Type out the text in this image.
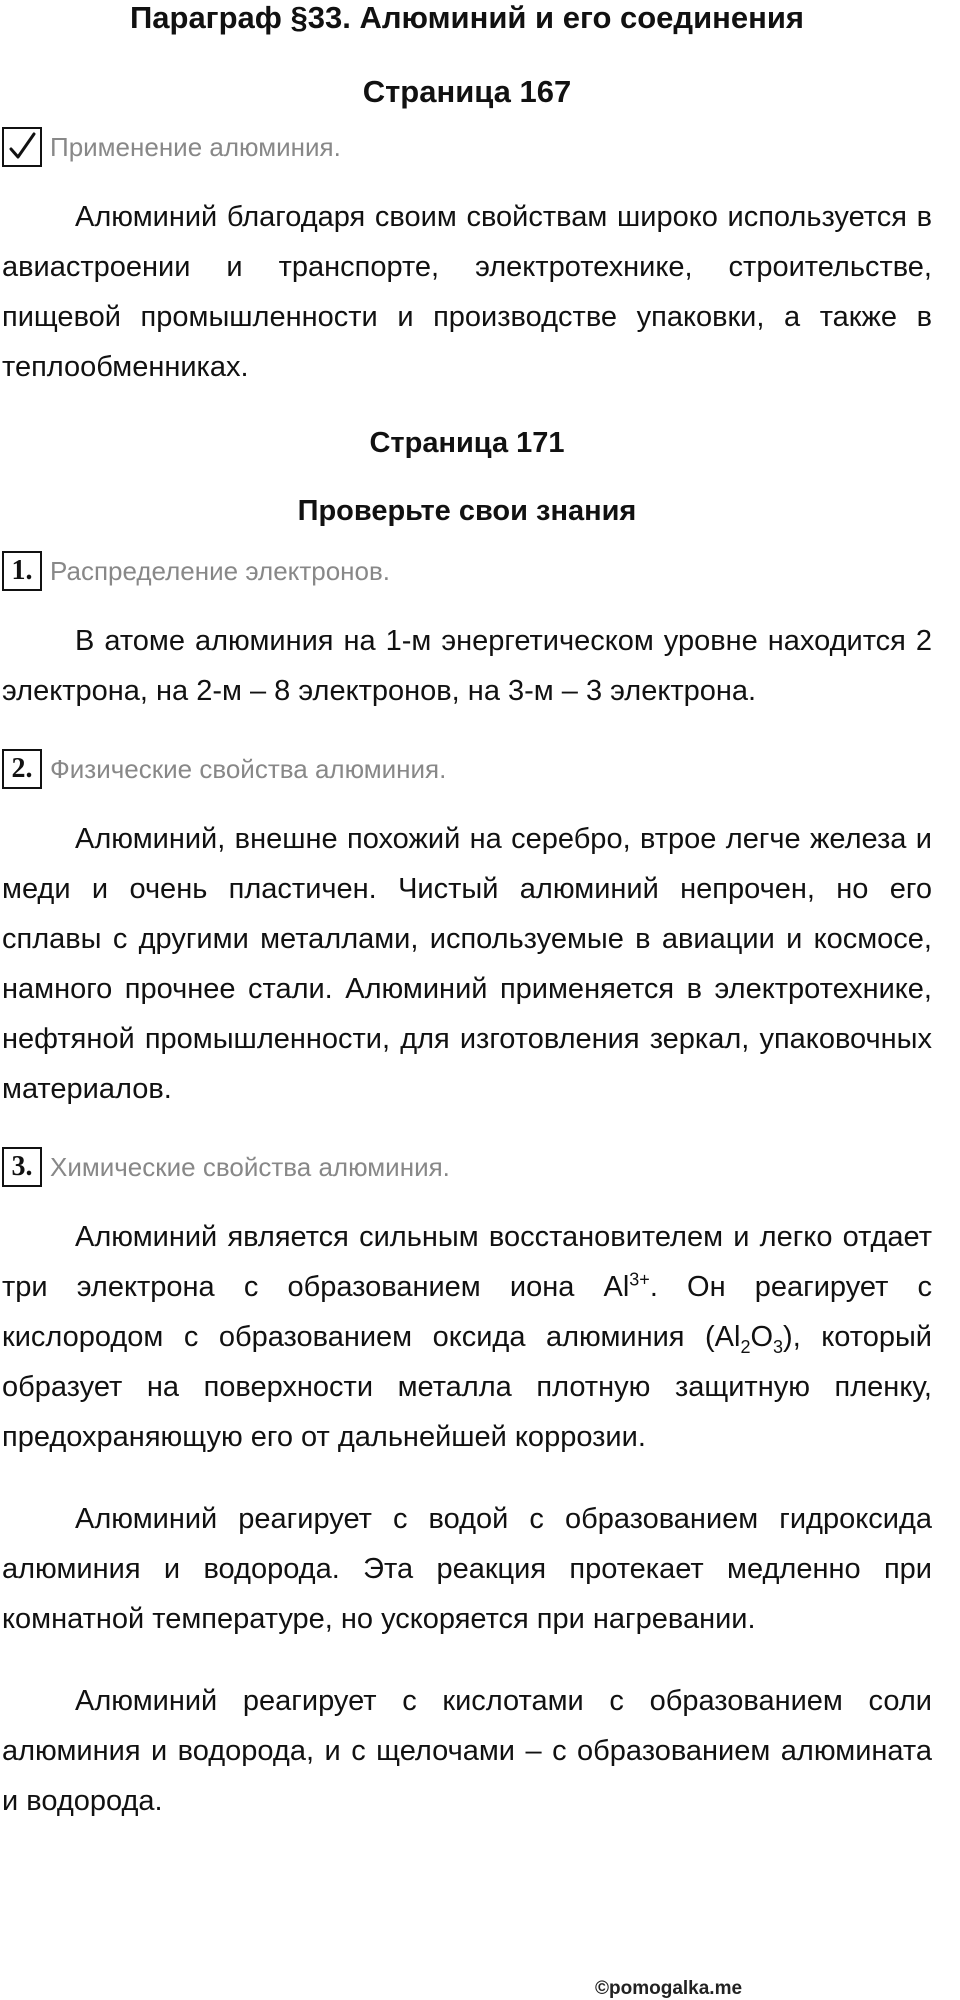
Параграф §33. Алюминий и его соединения
Страница 167
Применение алюминия.

Алюминий благодаря своим свойствам широко используется в авиастроении и транспорте, электротехнике, строительстве, пищевой промышленности и производстве упаковки, а также в теплообменниках.

Страница 171
Проверьте свои знания
1. Распределение электронов.

В атоме алюминия на 1-м энергетическом уровне находится 2 электрона, на 2-м – 8 электронов, на 3-м – 3 электрона.

2. Физические свойства алюминия.

Алюминий, внешне похожий на серебро, втрое легче железа и меди и очень пластичен. Чистый алюминий непрочен, но его сплавы с другими металлами, используемые в авиации и космосе, намного прочнее стали. Алюминий применяется в электротехнике, нефтяной промышленности, для изготовления зеркал, упаковочных материалов.

3. Химические свойства алюминия.

Алюминий является сильным восстановителем и легко отдает три электрона с образованием иона $Al^{3+}$. Он реагирует с кислородом с образованием оксида алюминия $(Al_2O_3)$, который образует на поверхности металла плотную защитную пленку, предохраняющую его от дальнейшей коррозии.

Алюминий реагирует с водой с образованием гидроксида алюминия и водорода. Эта реакция протекает медленно при комнатной температуре, но ускоряется при нагревании.

Алюминий реагирует с кислотами с образованием соли алюминия и водорода, и с щелочами – с образованием алюмината и водорода.

©pomogalka.me
